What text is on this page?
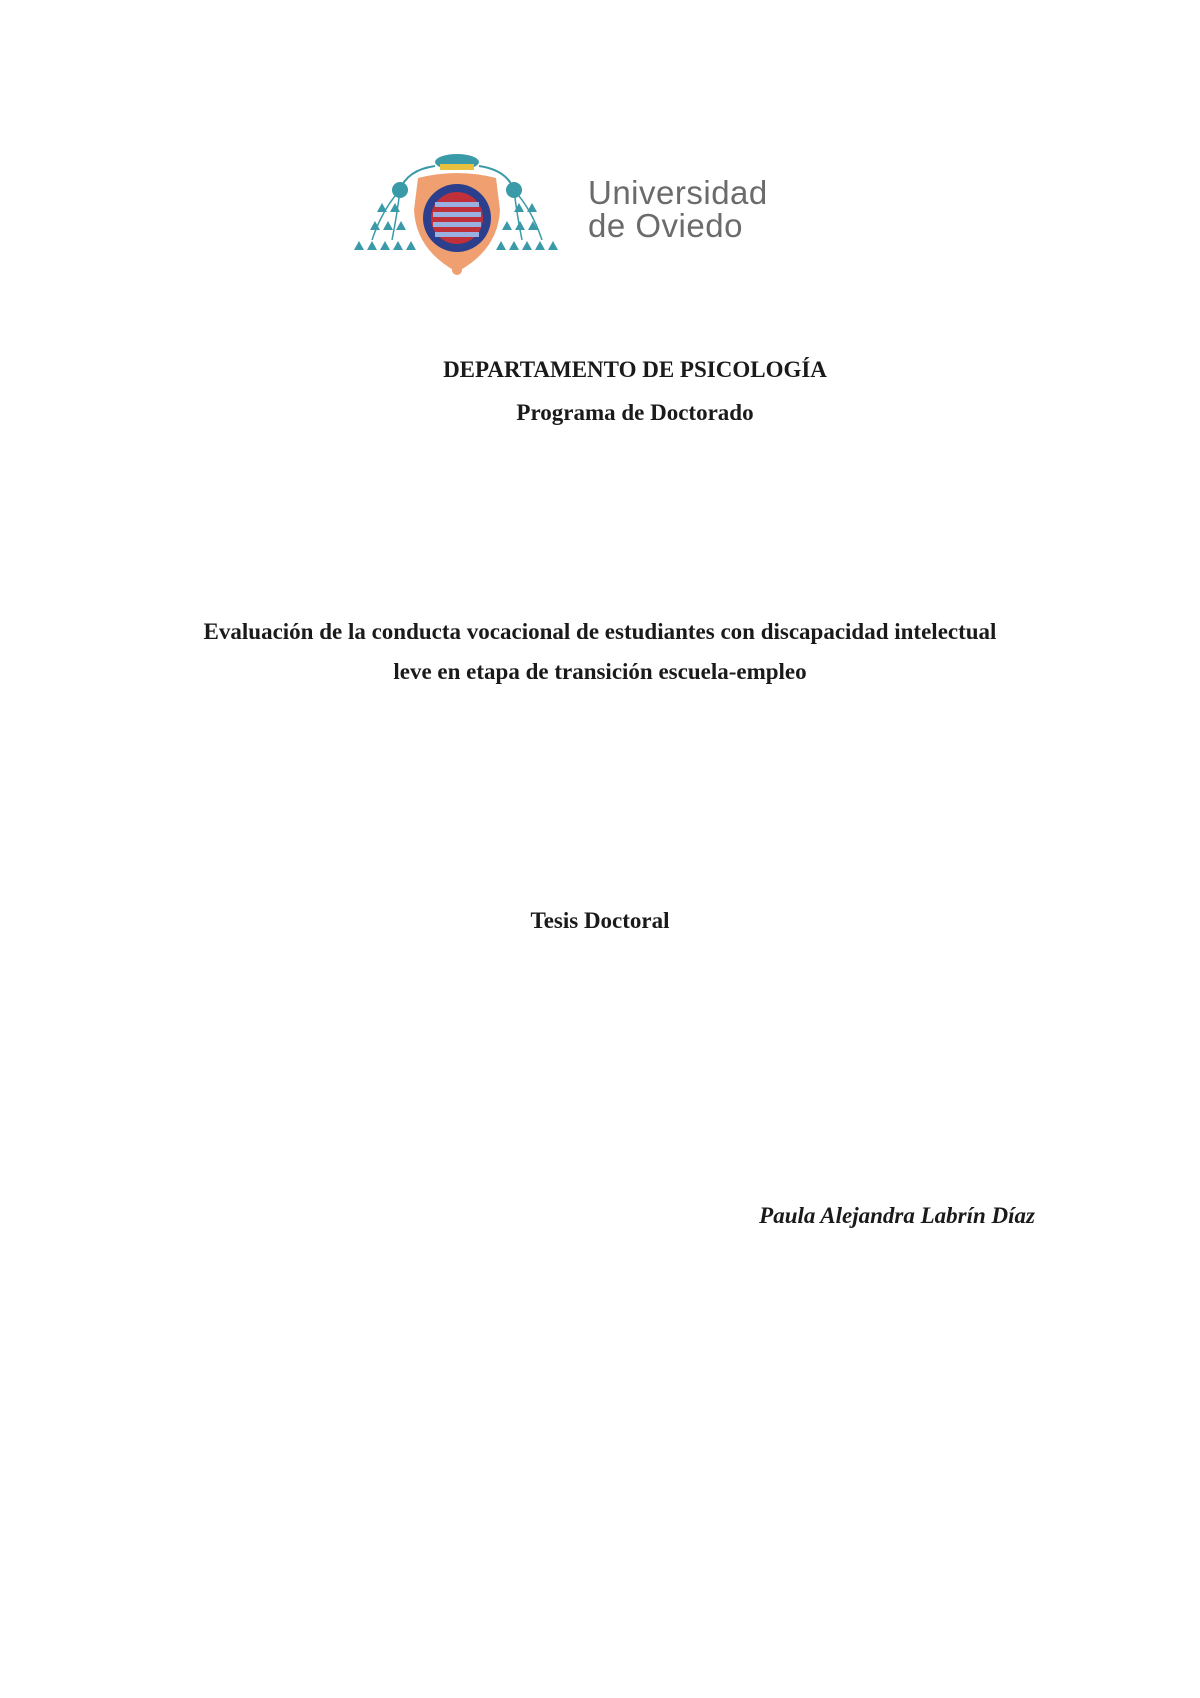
Universidad
de Oviedo
DEPARTAMENTO DE PSICOLOGÍA
Programa de Doctorado
Evaluación de la conducta vocacional de estudiantes con discapacidad intelectual
leve en etapa de transición escuela-empleo
Tesis Doctoral
Paula Alejandra Labrín Díaz
